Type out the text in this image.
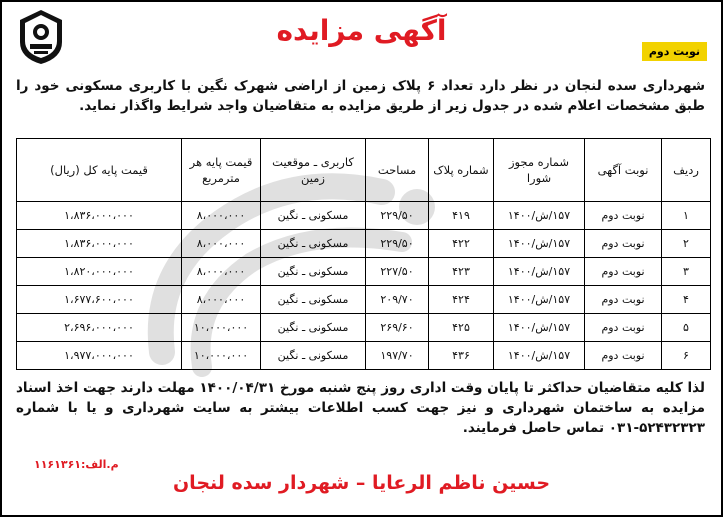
نوبت دوم
آگهی مزایده
شهرداری سده لنجان در نظر دارد تعداد ۶ پلاک زمین از اراضی شهرک نگین با کاربری مسکونی خود را طبق مشخصات اعلام شده در جدول زیر از طریق مزایده به متقاضیان واجد شرایط واگذار نماید.
ردیف	نوبت آگهی	شماره مجوز شورا	شماره پلاک	مساحت	کاربری ـ موقعیت زمین	قیمت پایه هر مترمربع	قیمت پایه کل (ریال)
۱	نوبت دوم	۱۵۷/ش/۱۴۰۰	۴۱۹	۲۲۹/۵۰	مسکونی ـ نگین	۸،۰۰۰،۰۰۰	۱،۸۳۶،۰۰۰،۰۰۰
۲	نوبت دوم	۱۵۷/ش/۱۴۰۰	۴۲۲	۲۲۹/۵۰	مسکونی ـ نگین	۸،۰۰۰،۰۰۰	۱،۸۳۶،۰۰۰،۰۰۰
۳	نوبت دوم	۱۵۷/ش/۱۴۰۰	۴۲۳	۲۲۷/۵۰	مسکونی ـ نگین	۸،۰۰۰،۰۰۰	۱،۸۲۰،۰۰۰،۰۰۰
۴	نوبت دوم	۱۵۷/ش/۱۴۰۰	۴۲۴	۲۰۹/۷۰	مسکونی ـ نگین	۸،۰۰۰،۰۰۰	۱،۶۷۷،۶۰۰،۰۰۰
۵	نوبت دوم	۱۵۷/ش/۱۴۰۰	۴۲۵	۲۶۹/۶۰	مسکونی ـ نگین	۱۰،۰۰۰،۰۰۰	۲،۶۹۶،۰۰۰،۰۰۰
۶	نوبت دوم	۱۵۷/ش/۱۴۰۰	۴۳۶	۱۹۷/۷۰	مسکونی ـ نگین	۱۰،۰۰۰،۰۰۰	۱،۹۷۷،۰۰۰،۰۰۰
لذا کلیه متقاضیان حداکثر تا پایان وقت اداری روز پنج شنبه مورخ ۱۴۰۰/۰۴/۳۱ مهلت دارند جهت اخذ اسناد مزایده به ساختمان شهرداری و نیز جهت کسب اطلاعات بیشتر به سایت شهرداری و یا با شماره ۵۲۴۳۲۳۲۳-۰۳۱ تماس حاصل فرمایند.
م.الف:۱۱۶۱۳۶۱
حسین ناظم الرعایا – شهردار سده لنجان
